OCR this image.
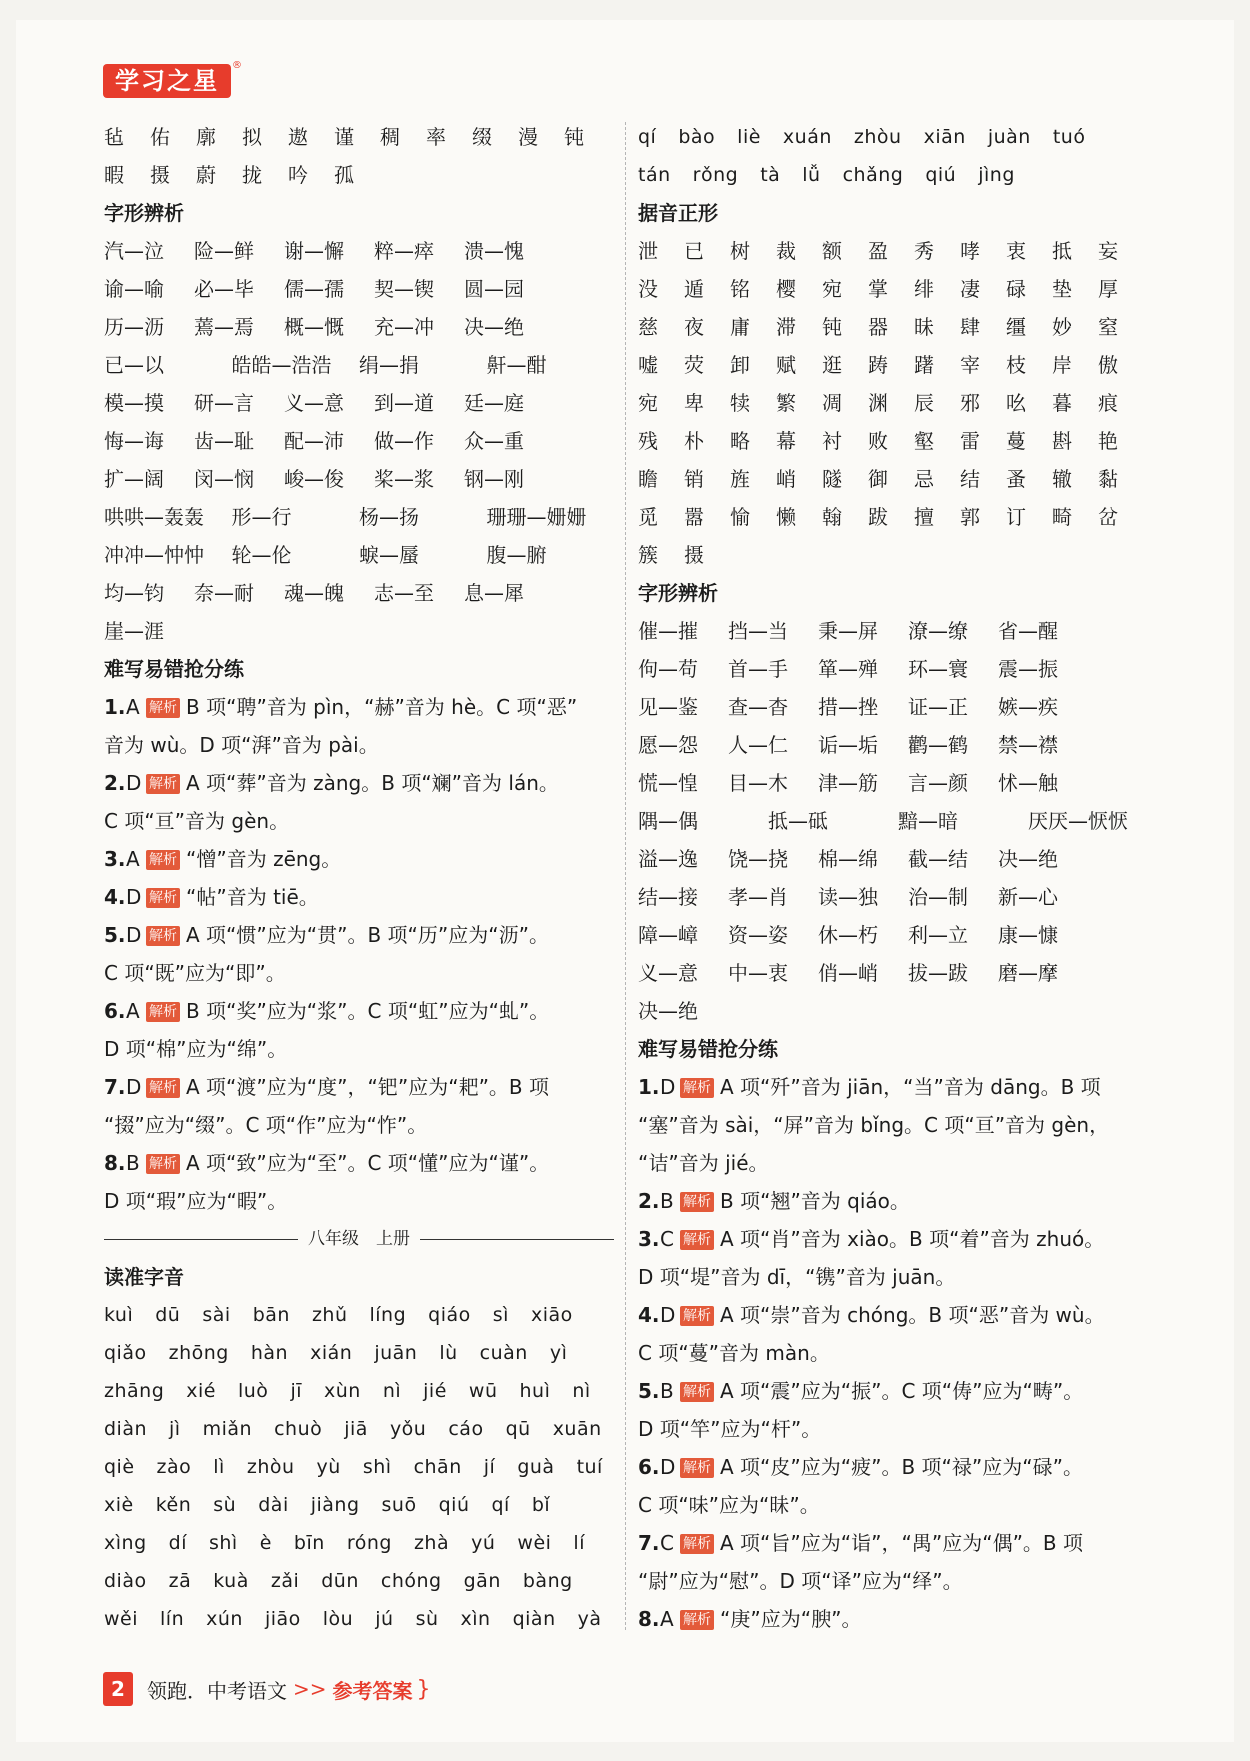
学习之星
®
毡	佑	廓	拟	遨	谨	稠	率	缀	漫	钝
暇	摄	蔚	拢	吟	孤
字形辨析
汽—泣	险—鲜	谢—懈	粹—瘁	溃—愧
谕—喻	必—毕	儒—孺	契—锲	圆—园
历—沥	蔫—焉	概—慨	充—冲	决—绝
已—以	皓皓—浩浩	绢—捐	鼾—酣
模—摸	研—言	义—意	到—道	廷—庭
悔—诲	齿—耻	配—沛	做—作	众—重
扩—阔	闵—悯	峻—俊	桨—浆	钢—刚
哄哄—轰轰	形—行	杨—扬	珊珊—姗姗
冲冲—忡忡	轮—伦	蜧—蜃	腹—腑
均—钧	奈—耐	魂—魄	志—至	息—犀
崖—涯
难写易错抢分练
1.A 解析 B 项“聘”音为 pìn，“赫”音为 hè。C 项“恶”
音为 wù。D 项“湃”音为 pài。
2.D 解析 A 项“葬”音为 zàng。B 项“斓”音为 lán。
C 项“亘”音为 gèn。
3.A 解析 “憎”音为 zēng。
4.D 解析 “帖”音为 tiē。
5.D 解析 A 项“惯”应为“贯”。B 项“历”应为“沥”。
C 项“既”应为“即”。
6.A 解析 B 项“奖”应为“浆”。C 项“虹”应为“虬”。
D 项“棉”应为“绵”。
7.D 解析 A 项“渡”应为“度”，“钯”应为“耙”。B 项
“掇”应为“缀”。C 项“作”应为“怍”。
8.B 解析 A 项“致”应为“至”。C 项“懂”应为“谨”。
D 项“瑕”应为“暇”。
八年级　上册
读准字音
kuì dū sài bān zhǔ líng qiáo sì xiāo
qiǎo zhōng hàn xián juān lù cuàn yì
zhāng xié luò jī xùn nì jié wū huì nì
diàn jì miǎn chuò jiā yǒu cáo qū xuān
qiè zào lì zhòu yù shì chān jí guà tuí
xiè kěn sù dài jiàng suō qiú qí bǐ
xìng dí shì è bīn róng zhà yú wèi lí
diào zā kuà zǎi dūn chóng gān bàng
wěi lín xún jiāo lòu jú sù xìn qiàn yà
qí bào liè xuán zhòu xiān juàn tuó
tán rǒng tà lǚ chǎng qiú jìng
据音正形
泄	已	树	裁	额	盈	秀	哮	衷	抵	妄
没	遁	铭	樱	宛	掌	绯	凄	碌	垫	厚
慈	夜	庸	滞	钝	器	昧	肆	缰	妙	窒
嘘	荧	卸	赋	逛	踌	躇	宰	枝	岸	傲
宛	卑	犊	繁	凋	渊	辰	邪	吆	暮	痕
残	朴	略	幕	衬	败	壑	雷	蔓	斟	艳
瞻	销	旌	峭	隧	御	忌	结	蚤	辙	黏
觅	嚣	愉	懒	翰	跋	擅	郭	订	畸	岔
簇	摄
字形辨析
催—摧	挡—当	秉—屏	潦—缭	省—醒
佝—苟	首—手	箪—殚	环—寰	震—振
见—鉴	查—杳	措—挫	证—正	嫉—疾
愿—怨	人—仁	诟—垢	鹳—鹤	禁—襟
慌—惶	目—木	津—筋	言—颜	怵—触
隅—偶	抵—砥	黯—暗	厌厌—恹恹
溢—逸	饶—挠	棉—绵	截—结	决—绝
结—接	孝—肖	读—独	治—制	新—心
障—嶂	资—姿	休—朽	利—立	康—慷
义—意	中—衷	俏—峭	拔—跋	磨—摩
决—绝
难写易错抢分练
1.D 解析 A 项“歼”音为 jiān，“当”音为 dāng。B 项
“塞”音为 sài，“屏”音为 bǐng。C 项“亘”音为 gèn，
“诘”音为 jié。
2.B 解析 B 项“翘”音为 qiáo。
3.C 解析 A 项“肖”音为 xiào。B 项“着”音为 zhuó。
D 项“堤”音为 dī，“镌”音为 juān。
4.D 解析 A 项“崇”音为 chóng。B 项“恶”音为 wù。
C 项“蔓”音为 màn。
5.B 解析 A 项“震”应为“振”。C 项“俦”应为“畴”。
D 项“竿”应为“杆”。
6.D 解析 A 项“皮”应为“疲”。B 项“禄”应为“碌”。
C 项“味”应为“昧”。
7.C 解析 A 项“旨”应为“诣”，“禺”应为“偶”。B 项
“尉”应为“慰”。D 项“译”应为“绎”。
8.A 解析 “庚”应为“腴”。
2	领跑．中考语文 >> 参考答案 }
